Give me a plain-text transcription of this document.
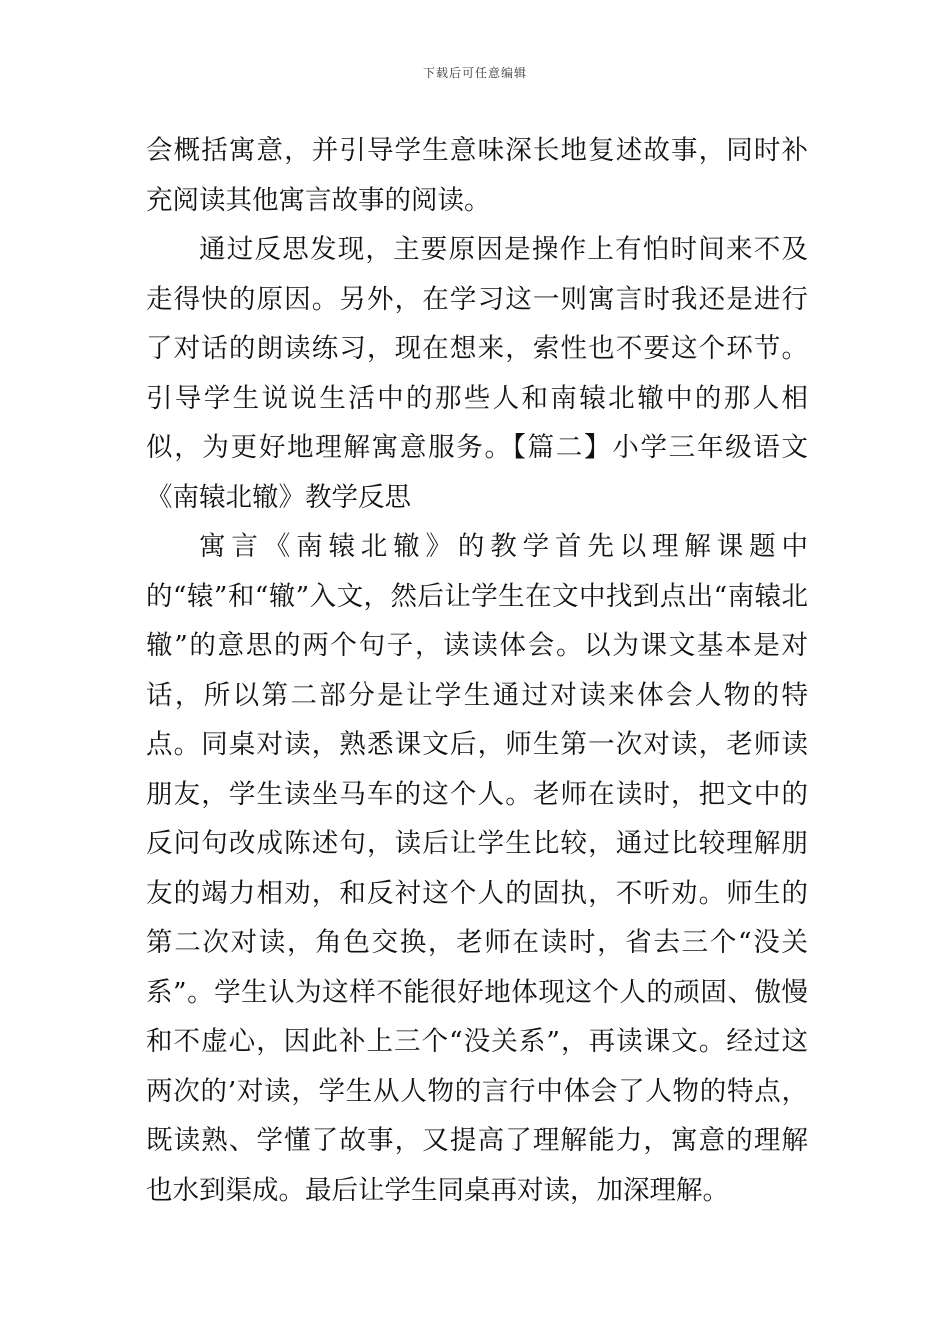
下载后可任意编辑

会概括寓意，并引导学生意味深长地复述故事，同时补充阅读其他寓言故事的阅读。

通过反思发现，主要原因是操作上有怕时间来不及走得快的原因。另外，在学习这一则寓言时我还是进行了对话的朗读练习，现在想来，索性也不要这个环节。引导学生说说生活中的那些人和南辕北辙中的那人相似，为更好地理解寓意服务。【篇二】小学三年级语文《南辕北辙》教学反思

寓言《南辕北辙》的教学首先以理解课题中的“辕”和“辙”入文，然后让学生在文中找到点出“南辕北辙”的意思的两个句子，读读体会。以为课文基本是对话，所以第二部分是让学生通过对读来体会人物的特点。同桌对读，熟悉课文后，师生第一次对读，老师读朋友，学生读坐马车的这个人。老师在读时，把文中的反问句改成陈述句，读后让学生比较，通过比较理解朋友的竭力相劝，和反衬这个人的固执，不听劝。师生的第二次对读，角色交换，老师在读时，省去三个“没关系”。学生认为这样不能很好地体现这个人的顽固、傲慢和不虚心，因此补上三个“没关系”，再读课文。经过这两次的’对读，学生从人物的言行中体会了人物的特点，既读熟、学懂了故事，又提高了理解能力，寓意的理解也水到渠成。最后让学生同桌再对读，加深理解。
